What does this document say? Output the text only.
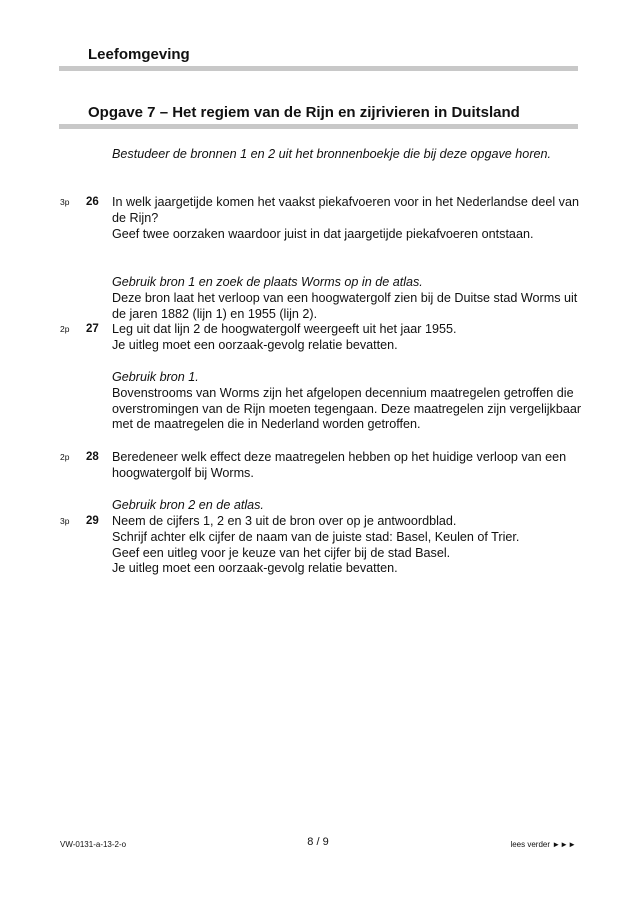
Leefomgeving
Opgave 7 – Het regiem van de Rijn en zijrivieren in Duitsland

Bestudeer de bronnen 1 en 2 uit het bronnenboekje die bij deze opgave horen.

3p 26 In welk jaargetijde komen het vaakst piekafvoeren voor in het Nederlandse deel van de Rijn?

Geef twee oorzaken waardoor juist in dat jaargetijde piekafvoeren ontstaan.

Gebruik bron 1 en zoek de plaats Worms op in de atlas.

Deze bron laat het verloop van een hoogwatergolf zien bij de Duitse stad Worms uit de jaren 1882 (lijn 1) en 1955 (lijn 2).

2p 27 Leg uit dat lijn 2 de hoogwatergolf weergeeft uit het jaar 1955.

Je uitleg moet een oorzaak-gevolg relatie bevatten.

Gebruik bron 1.

Bovenstrooms van Worms zijn het afgelopen decennium maatregelen getroffen die overstromingen van de Rijn moeten tegengaan. Deze maatregelen zijn vergelijkbaar met de maatregelen die in Nederland worden getroffen.

2p 28 Beredeneer welk effect deze maatregelen hebben op het huidige verloop van een hoogwatergolf bij Worms.

Gebruik bron 2 en de atlas.

3p 29 Neem de cijfers 1, 2 en 3 uit de bron over op je antwoordblad.

Schrijf achter elk cijfer de naam van de juiste stad: Basel, Keulen of Trier.

Geef een uitleg voor je keuze van het cijfer bij de stad Basel.

Je uitleg moet een oorzaak-gevolg relatie bevatten.

VW-0131-a-13-2-o	8 / 9	lees verder ►►►
